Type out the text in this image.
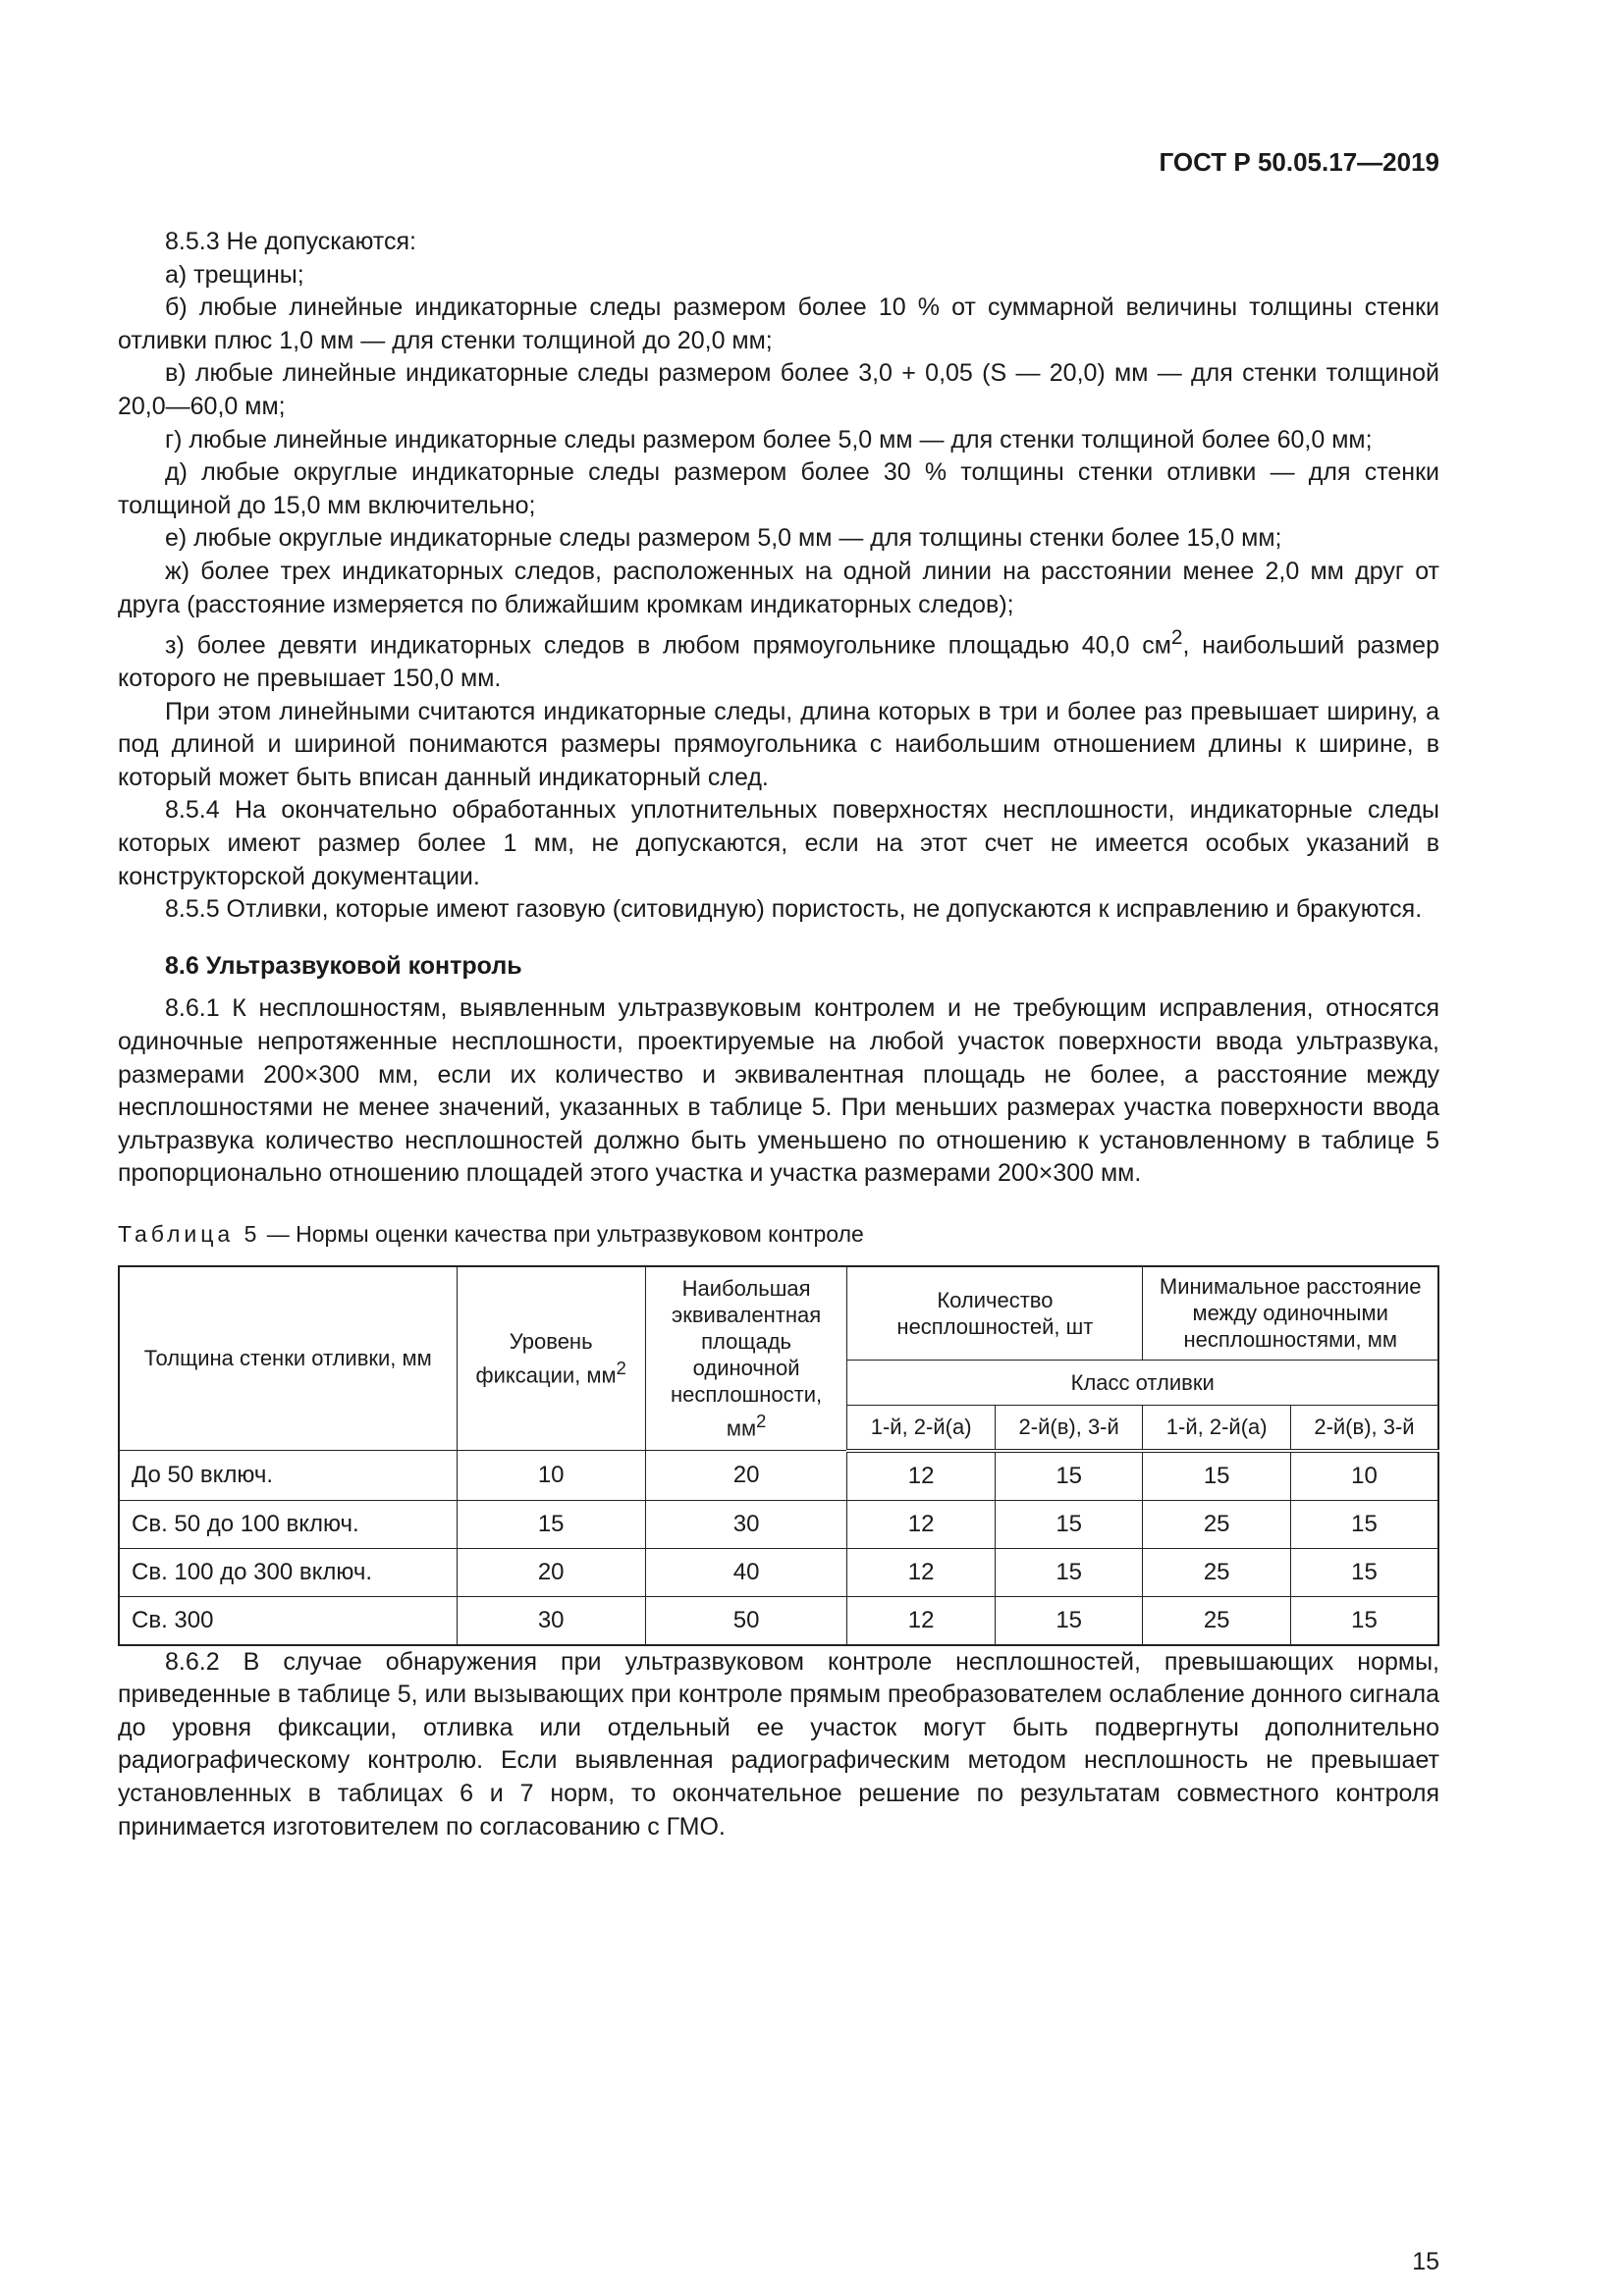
ГОСТ Р 50.05.17—2019

8.5.3 Не допускаются:

а) трещины;

б) любые линейные индикаторные следы размером более 10 % от суммарной величины толщины стенки отливки плюс 1,0 мм — для стенки толщиной до 20,0 мм;

в) любые линейные индикаторные следы размером более 3,0 + 0,05 (S — 20,0) мм — для стенки толщиной 20,0—60,0 мм;

г) любые линейные индикаторные следы размером более 5,0 мм — для стенки толщиной более 60,0 мм;

д) любые округлые индикаторные следы размером более 30 % толщины стенки отливки — для стенки толщиной до 15,0 мм включительно;

е) любые округлые индикаторные следы размером 5,0 мм — для толщины стенки более 15,0 мм;

ж) более трех индикаторных следов, расположенных на одной линии на расстоянии менее 2,0 мм друг от друга (расстояние измеряется по ближайшим кромкам индикаторных следов);

з) более девяти индикаторных следов в любом прямоугольнике площадью 40,0 $см^2$, наибольший размер которого не превышает 150,0 мм.

При этом линейными считаются индикаторные следы, длина которых в три и более раз превышает ширину, а под длиной и шириной понимаются размеры прямоугольника с наибольшим отношением длины к ширине, в который может быть вписан данный индикаторный след.

8.5.4 На окончательно обработанных уплотнительных поверхностях несплошности, индикаторные следы которых имеют размер более 1 мм, не допускаются, если на этот счет не имеется особых указаний в конструкторской документации.

8.5.5 Отливки, которые имеют газовую (ситовидную) пористость, не допускаются к исправлению и бракуются.

8.6 Ультразвуковой контроль

8.6.1 К несплошностям, выявленным ультразвуковым контролем и не требующим исправления, относятся одиночные непротяженные несплошности, проектируемые на любой участок поверхности ввода ультразвука, размерами 200×300 мм, если их количество и эквивалентная площадь не более, а расстояние между несплошностями не менее значений, указанных в таблице 5. При меньших размерах участка поверхности ввода ультразвука количество несплошностей должно быть уменьшено по отношению к установленному в таблице 5 пропорционально отношению площадей этого участка и участка размерами 200×300 мм.

Таблица 5 — Нормы оценки качества при ультразвуковом контроле
Толщина стенки отливки, мм	Уровень фиксации, $мм^2$	Наибольшая эквивалентная площадь одиночной несплошности, $мм^2$	Количество несплошностей, шт		Минимальное расстояние между одиночными несплошностями, мм	
			Класс отливки			
			1-й, 2-й(а)	2-й(в), 3-й	1-й, 2-й(а)	2-й(в), 3-й
До 50 включ.	10	20	12	15	15	10
Св. 50 до 100 включ.	15	30	12	15	25	15
Св. 100 до 300 включ.	20	40	12	15	25	15
Св. 300	30	50	12	15	25	15

8.6.2 В случае обнаружения при ультразвуковом контроле несплошностей, превышающих нормы, приведенные в таблице 5, или вызывающих при контроле прямым преобразователем ослабление донного сигнала до уровня фиксации, отливка или отдельный ее участок могут быть подвергнуты дополнительно радиографическому контролю. Если выявленная радиографическим методом несплошность не превышает установленных в таблицах 6 и 7 норм, то окончательное решение по результатам совместного контроля принимается изготовителем по согласованию с ГМО.

15
